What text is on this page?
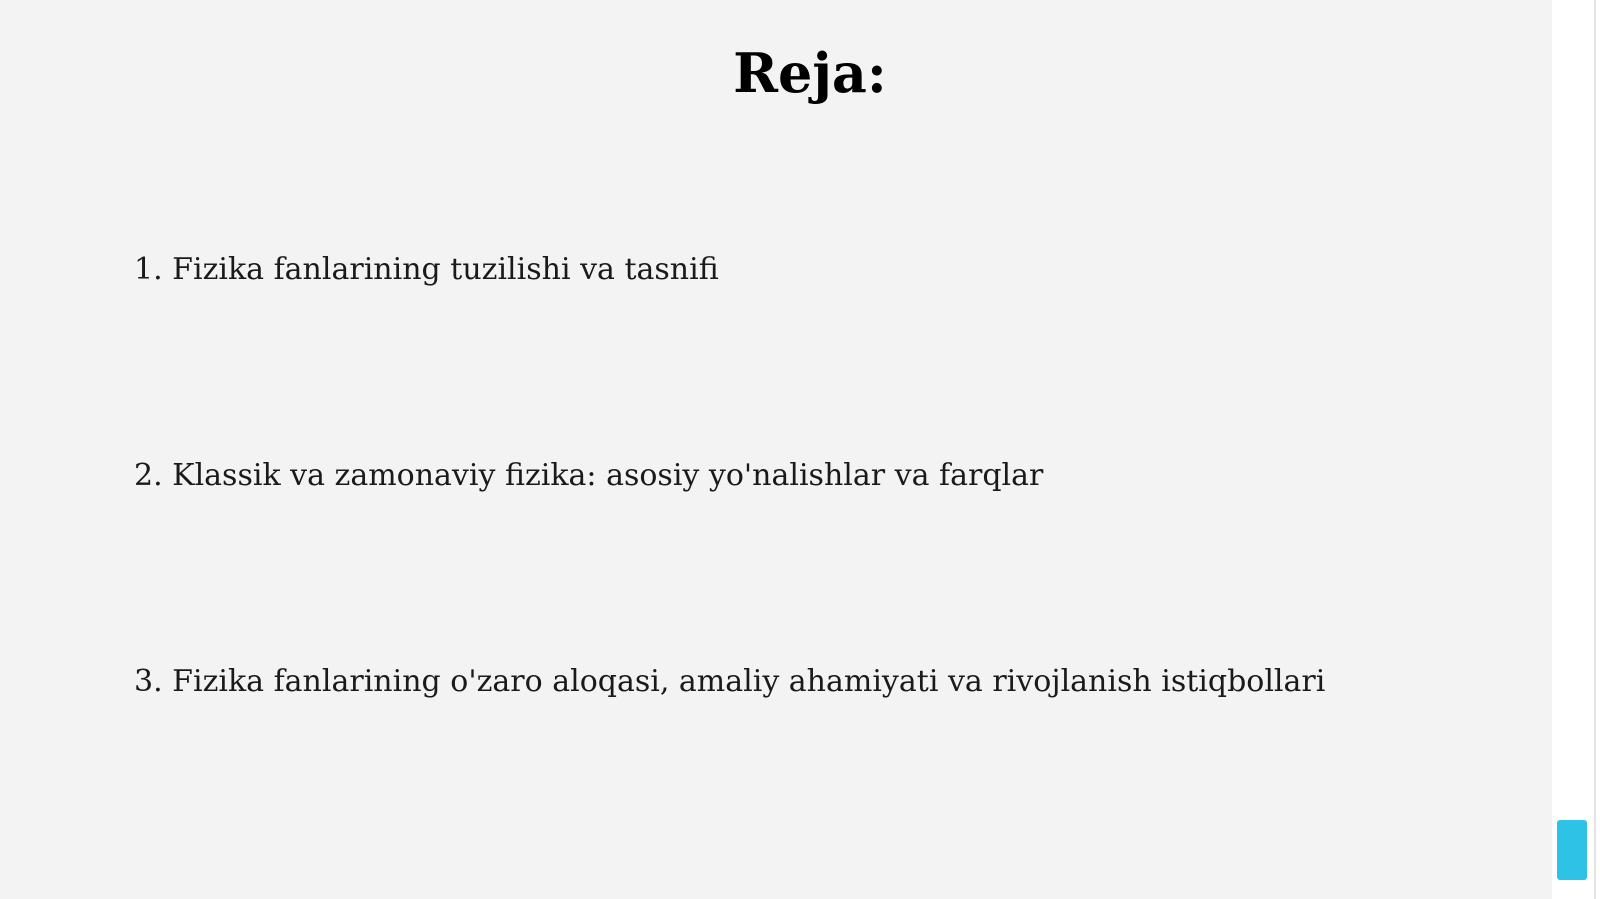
Reja:

1. Fizika fanlarining tuzilishi va tasnifi

2. Klassik va zamonaviy fizika: asosiy yo'nalishlar va farqlar

3. Fizika fanlarining o'zaro aloqasi, amaliy ahamiyati va rivojlanish istiqbollari
